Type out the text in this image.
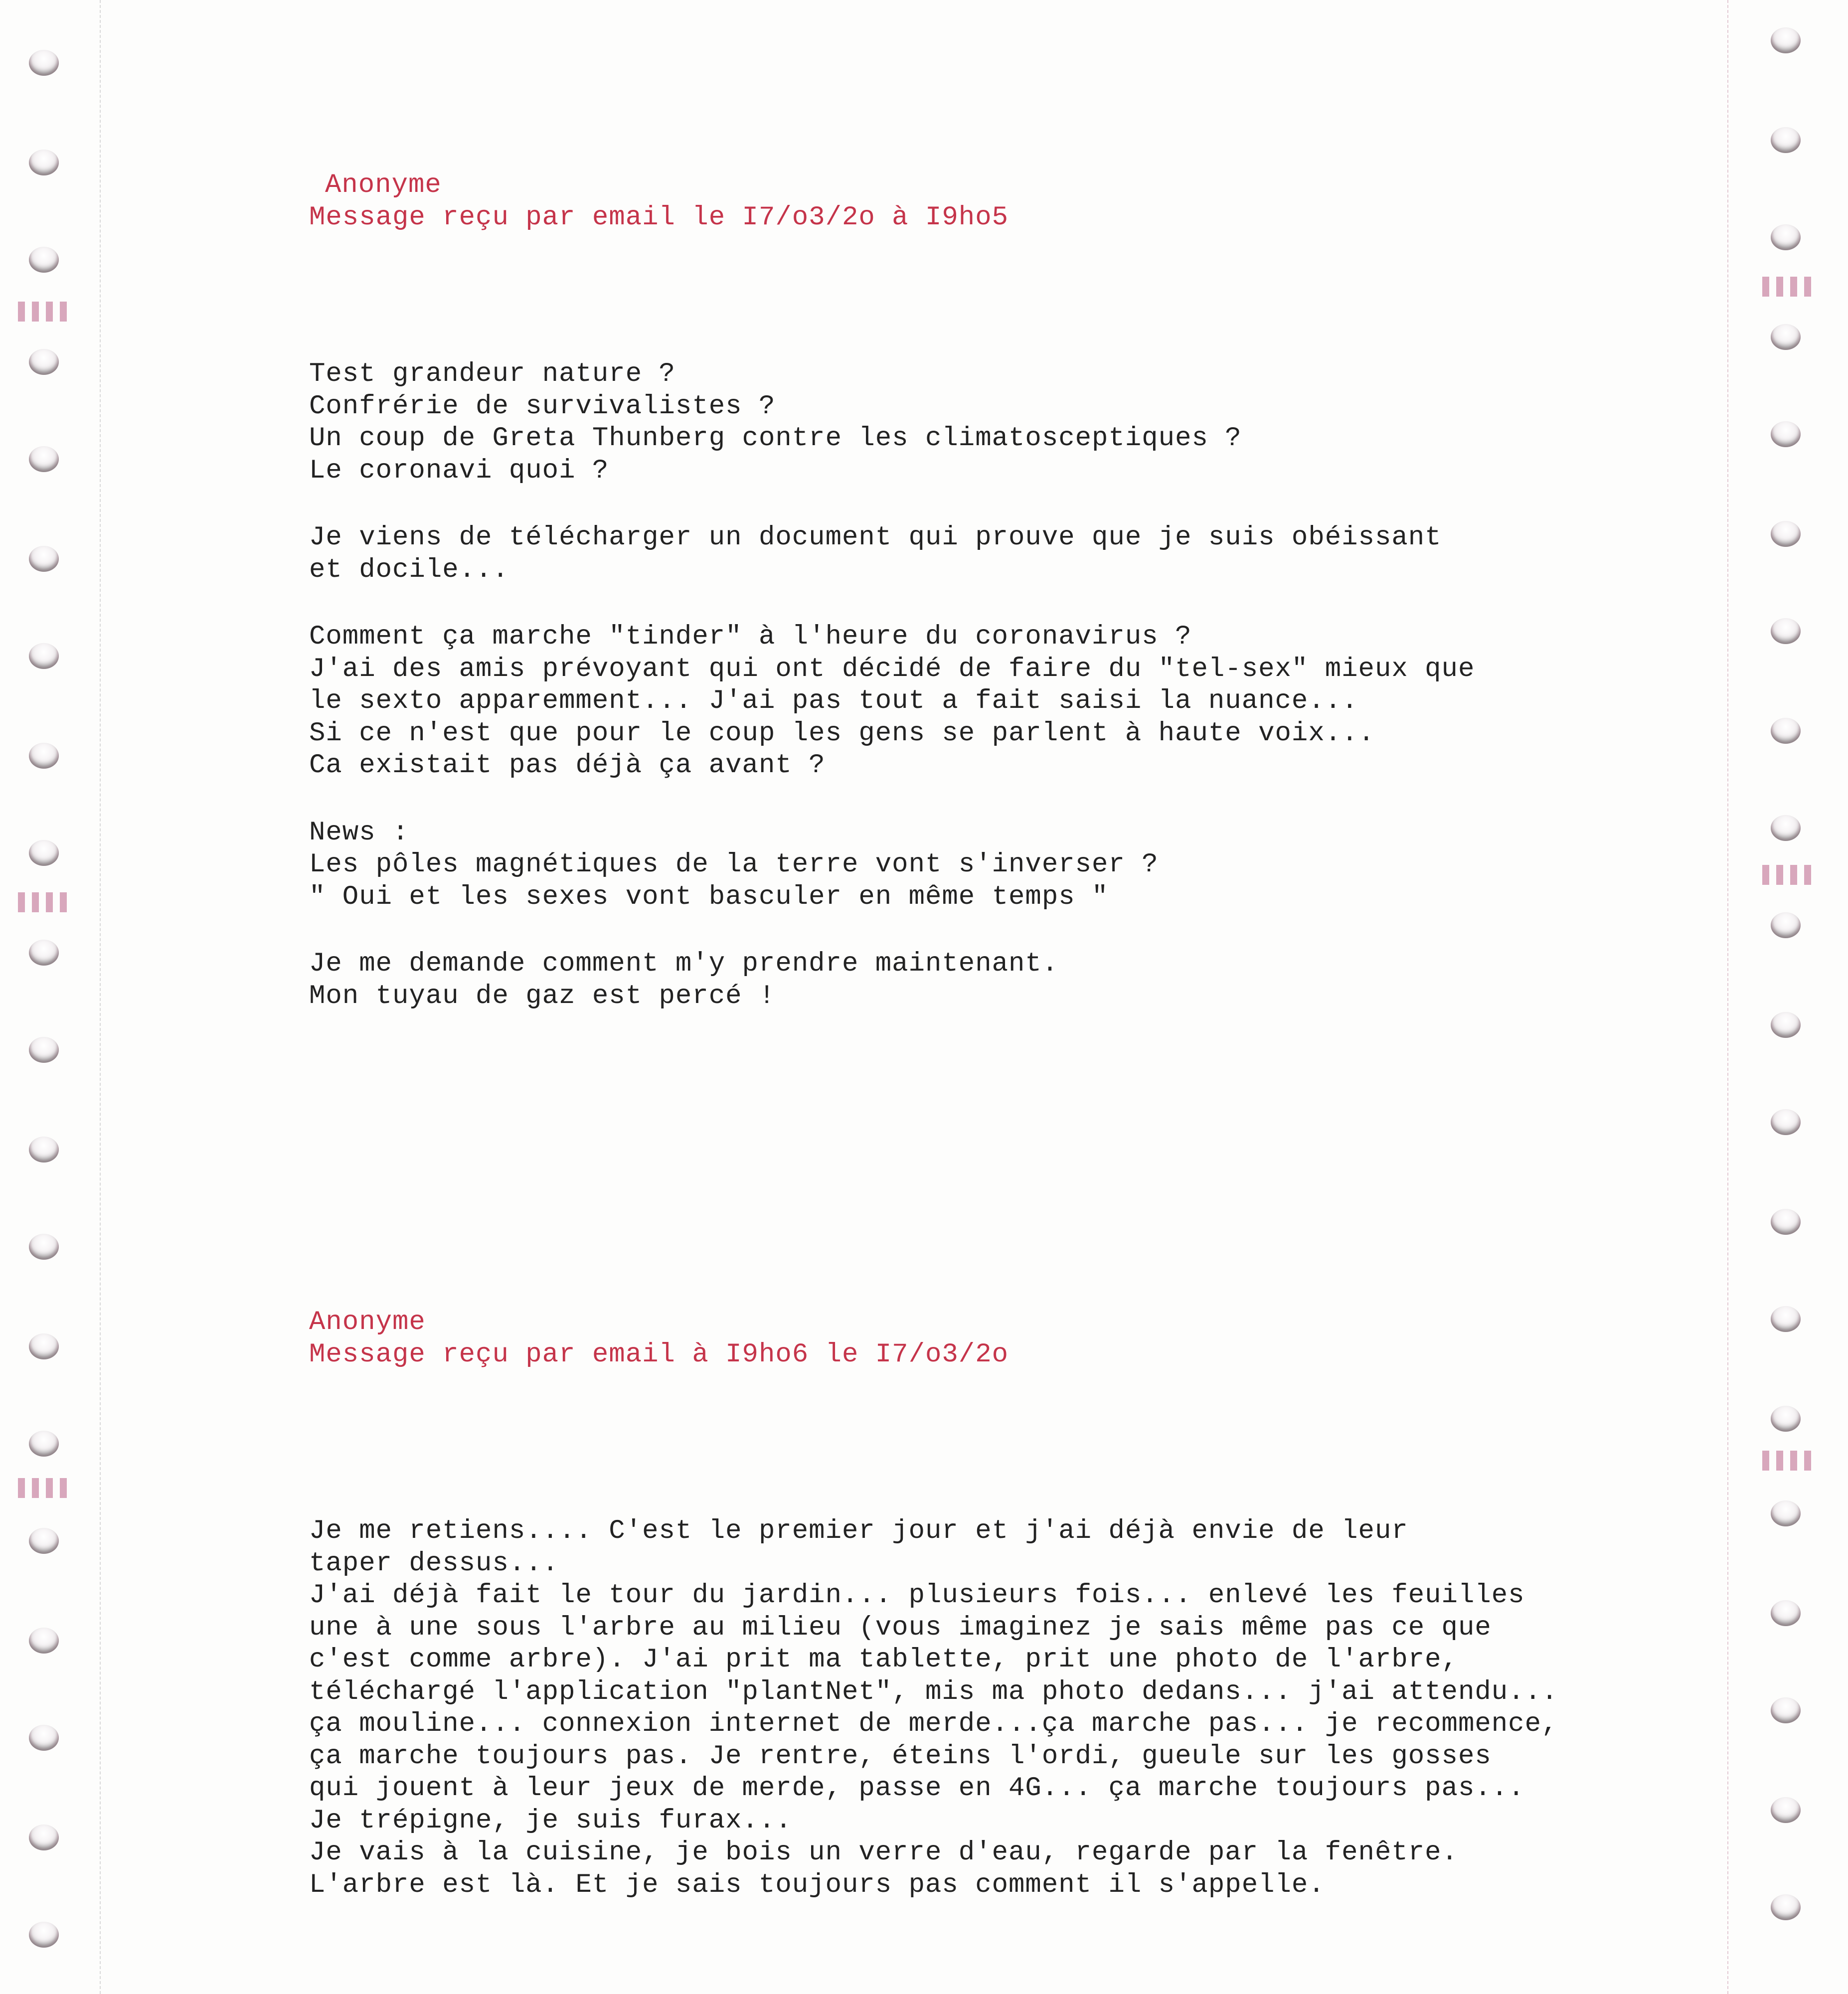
Anonyme
Message reçu par email le I7/o3/2o à I9ho5
Test grandeur nature ?
Confrérie de survivalistes ?
Un coup de Greta Thunberg contre les climatosceptiques ?
Le coronavi quoi ?
Je viens de télécharger un document qui prouve que je suis obéissant
et docile...
Comment ça marche "tinder" à l'heure du coronavirus ?
J'ai des amis prévoyant qui ont décidé de faire du "tel-sex" mieux que
le sexto apparemment... J'ai pas tout a fait saisi la nuance...
Si ce n'est que pour le coup les gens se parlent à haute voix...
Ca existait pas déjà ça avant ?
News :
Les pôles magnétiques de la terre vont s'inverser ?
" Oui et les sexes vont basculer en même temps "
Je me demande comment m'y prendre maintenant.
Mon tuyau de gaz est percé !
Anonyme
Message reçu par email à I9ho6 le I7/o3/2o
Je me retiens.... C'est le premier jour et j'ai déjà envie de leur
taper dessus...
J'ai déjà fait le tour du jardin... plusieurs fois... enlevé les feuilles
une à une sous l'arbre au milieu (vous imaginez je sais même pas ce que
c'est comme arbre). J'ai prit ma tablette, prit une photo de l'arbre,
téléchargé l'application "plantNet", mis ma photo dedans... j'ai attendu...
ça mouline... connexion internet de merde...ça marche pas... je recommence,
ça marche toujours pas. Je rentre, éteins l'ordi, gueule sur les gosses
qui jouent à leur jeux de merde, passe en 4G... ça marche toujours pas...
Je trépigne, je suis furax...
Je vais à la cuisine, je bois un verre d'eau, regarde par la fenêtre.
L'arbre est là. Et je sais toujours pas comment il s'appelle.
